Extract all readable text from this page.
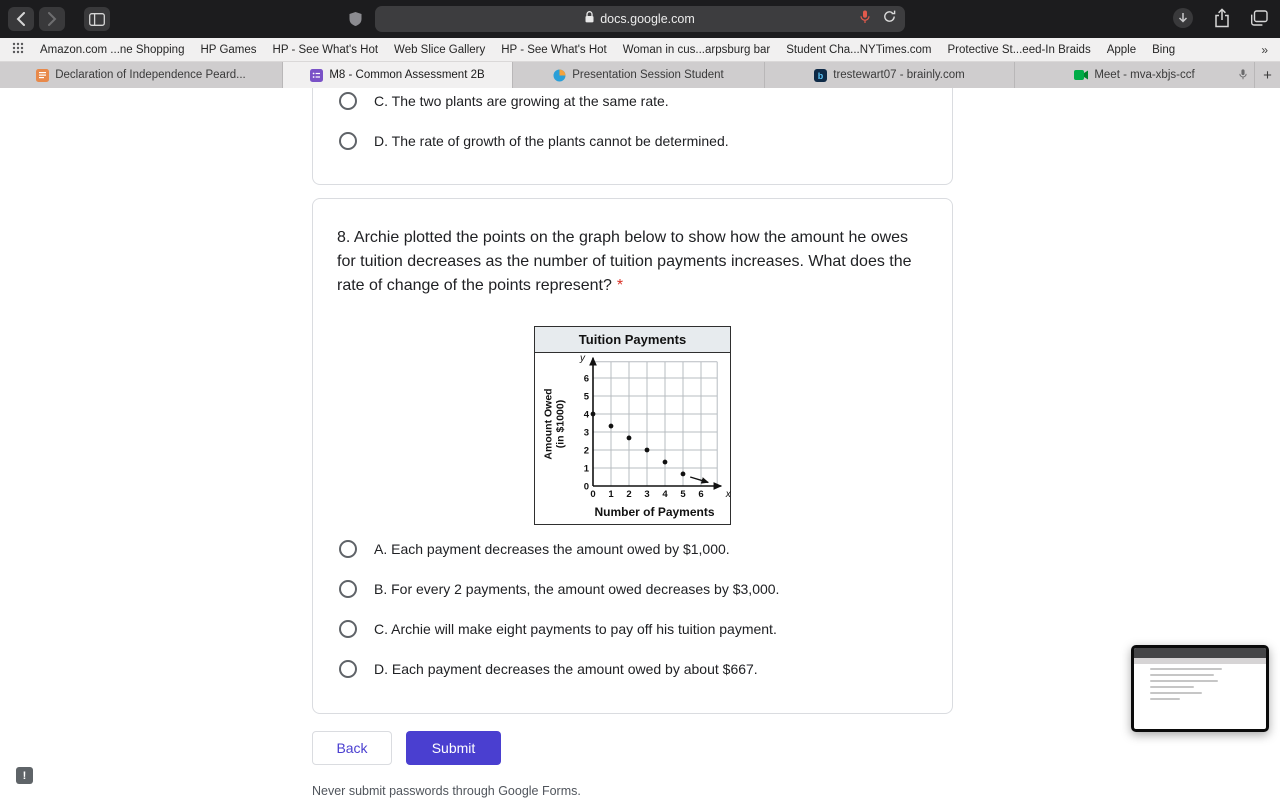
docs.google.com
Amazon.com ...ne Shopping HP Games HP - See What's Hot Web Slice Gallery HP - See What's Hot Woman in cus...arpsburg bar Student Cha...NYTimes.com Protective St...eed-In Braids Apple Bing	»
Declaration of Independence Peard...	M8 - Common Assessment 2B	Presentation Session Student	b trestewart07 - brainly.com	Meet - mva-xbjs-ccf	+
C. The two plants are growing at the same rate.
D. The rate of growth of the plants cannot be determined.
8. Archie plotted the points on the graph below to show how the amount he owes for tuition decreases as the number of tuition payments increases. What does the rate of change of the points represent? *
Tuition Payments
Amount Owed (in $1000)
0 1 2 3 4 5 6
0
1
2
3
4
5
6
x
y
Number of Payments
A. Each payment decreases the amount owed by $1,000.
B. For every 2 payments, the amount owed decreases by $3,000.
C. Archie will make eight payments to pay off his tuition payment.
D. Each payment decreases the amount owed by about $667.
Back	Submit
Never submit passwords through Google Forms.
!
